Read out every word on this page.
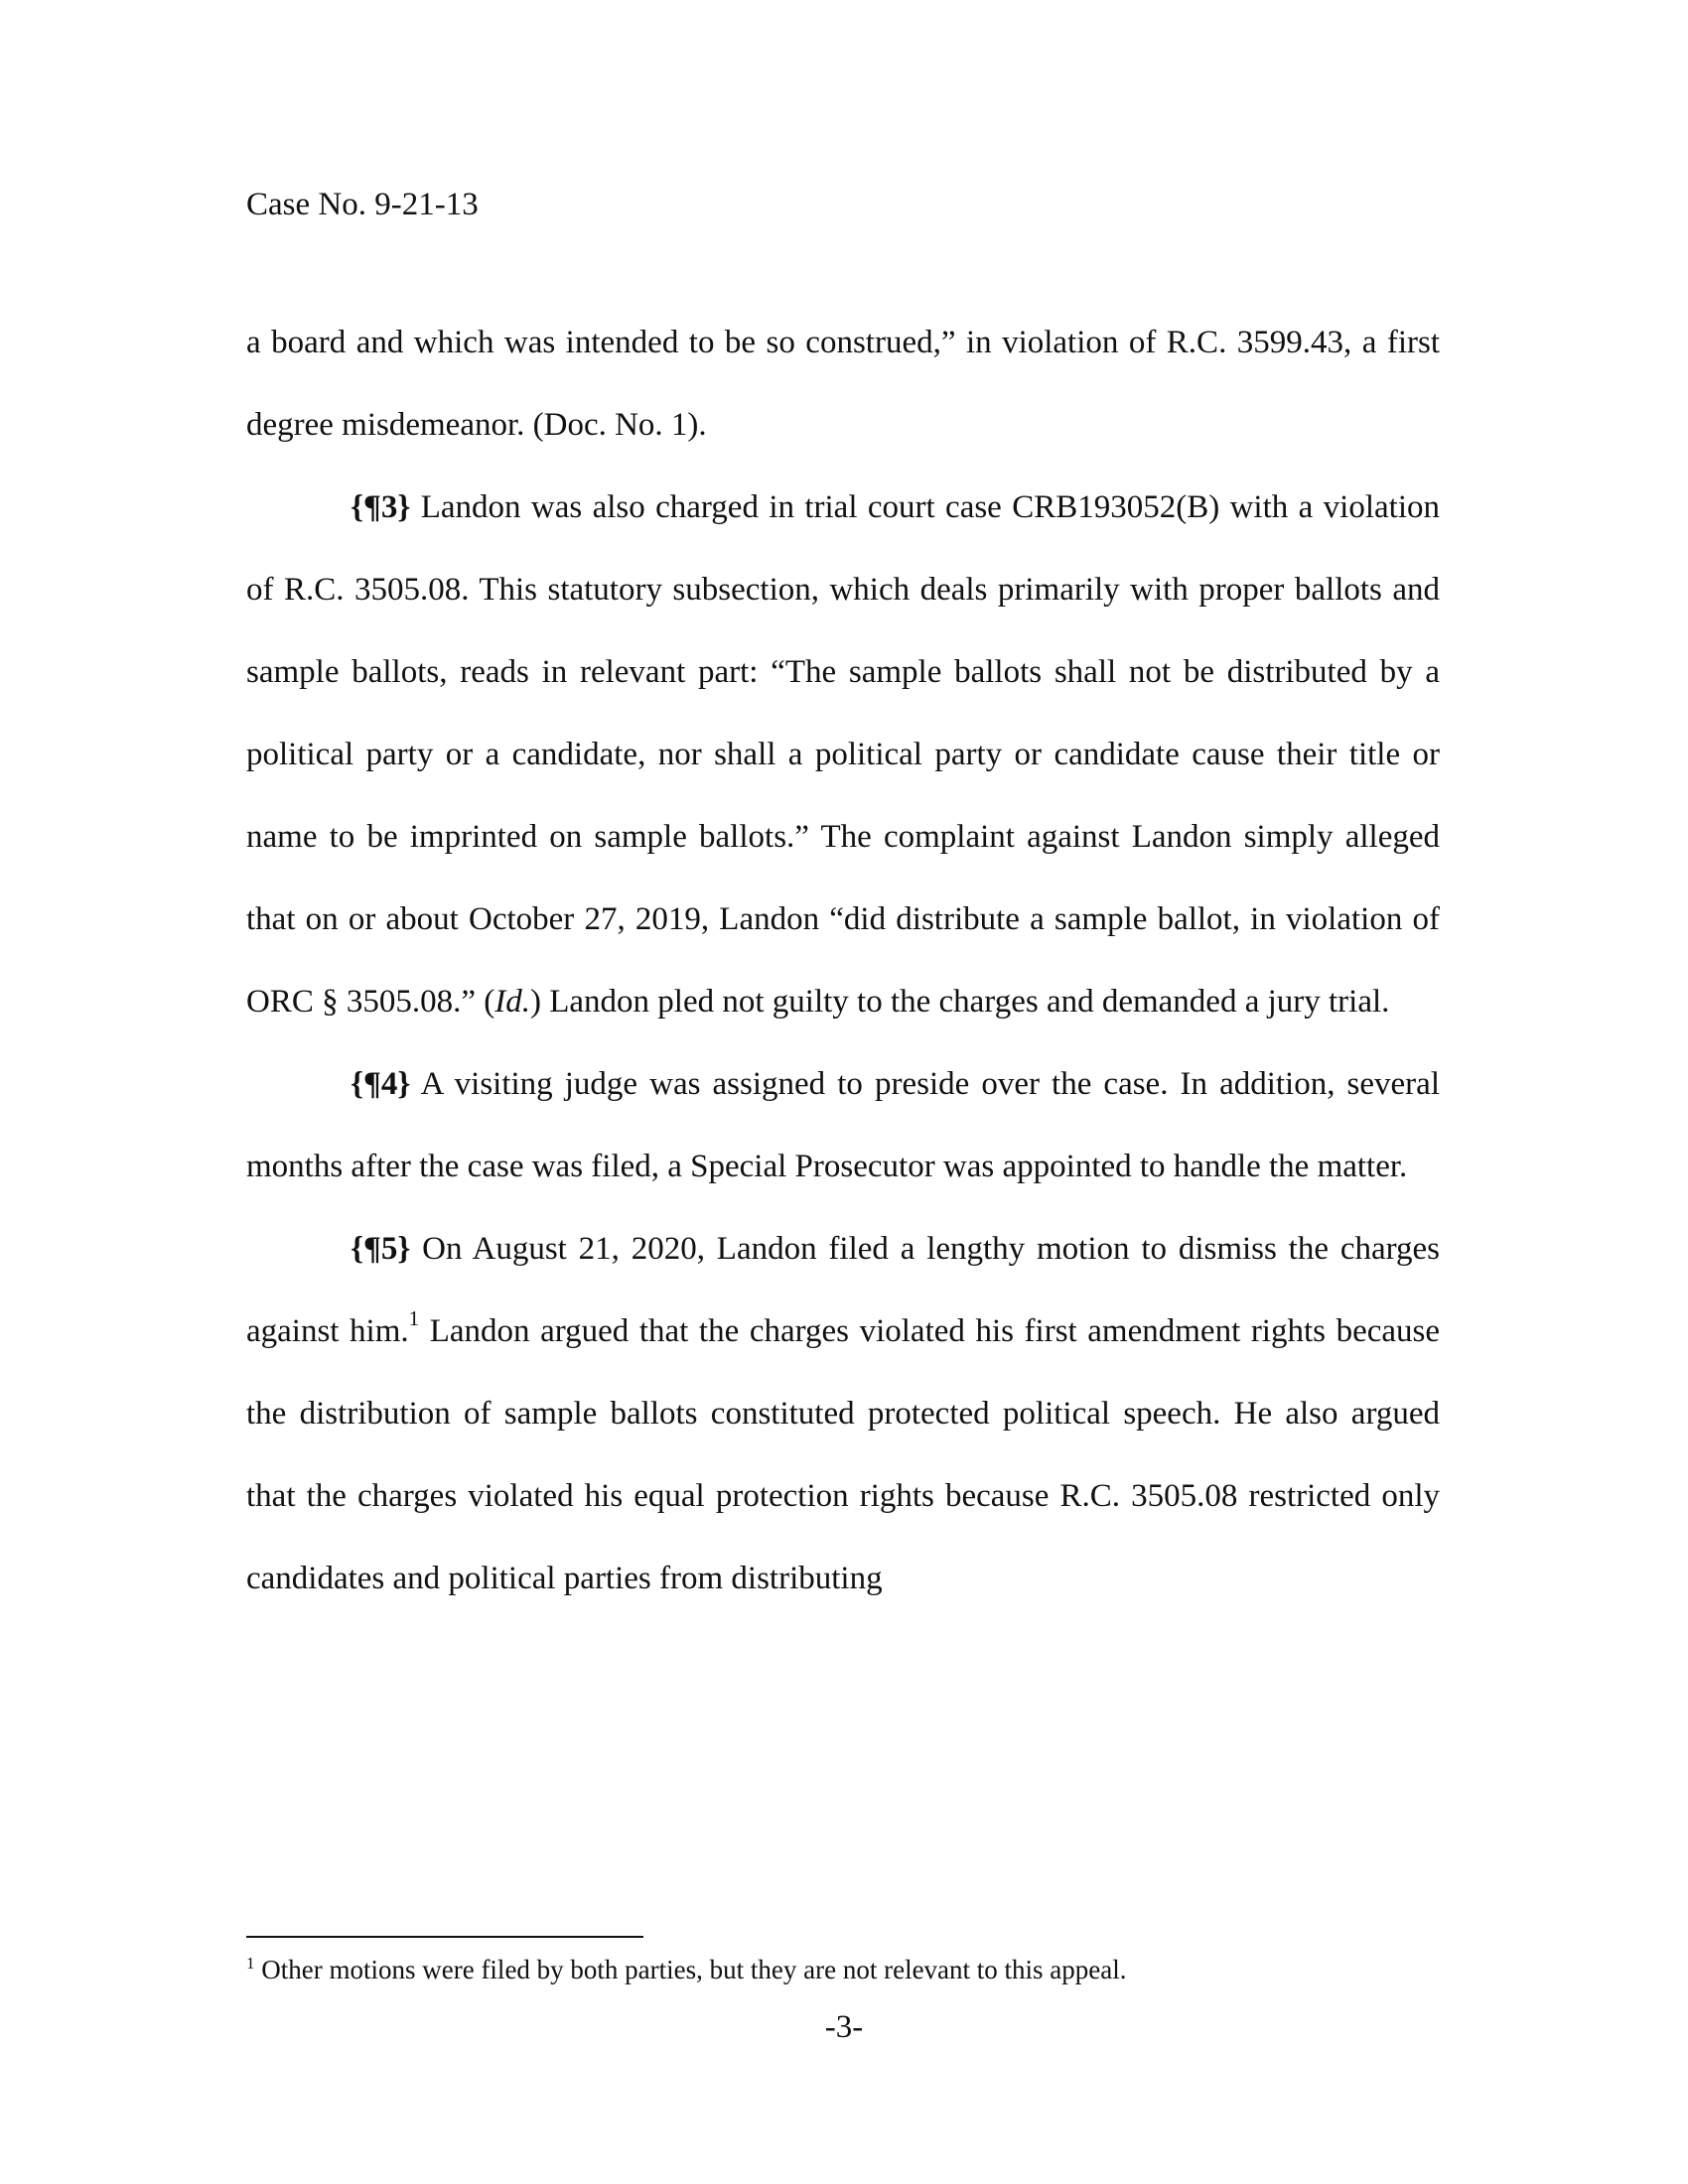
Case No. 9-21-13

a board and which was intended to be so construed,” in violation of R.C. 3599.43, a first degree misdemeanor. (Doc. No. 1).

{¶3} Landon was also charged in trial court case CRB193052(B) with a violation of R.C. 3505.08. This statutory subsection, which deals primarily with proper ballots and sample ballots, reads in relevant part: “The sample ballots shall not be distributed by a political party or a candidate, nor shall a political party or candidate cause their title or name to be imprinted on sample ballots.” The complaint against Landon simply alleged that on or about October 27, 2019, Landon “did distribute a sample ballot, in violation of ORC § 3505.08.” (Id.) Landon pled not guilty to the charges and demanded a jury trial.

{¶4} A visiting judge was assigned to preside over the case. In addition, several months after the case was filed, a Special Prosecutor was appointed to handle the matter.

{¶5} On August 21, 2020, Landon filed a lengthy motion to dismiss the charges against him.$^1$ Landon argued that the charges violated his first amendment rights because the distribution of sample ballots constituted protected political speech. He also argued that the charges violated his equal protection rights because R.C. 3505.08 restricted only candidates and political parties from distributing

$^1$ Other motions were filed by both parties, but they are not relevant to this appeal.
-3-
